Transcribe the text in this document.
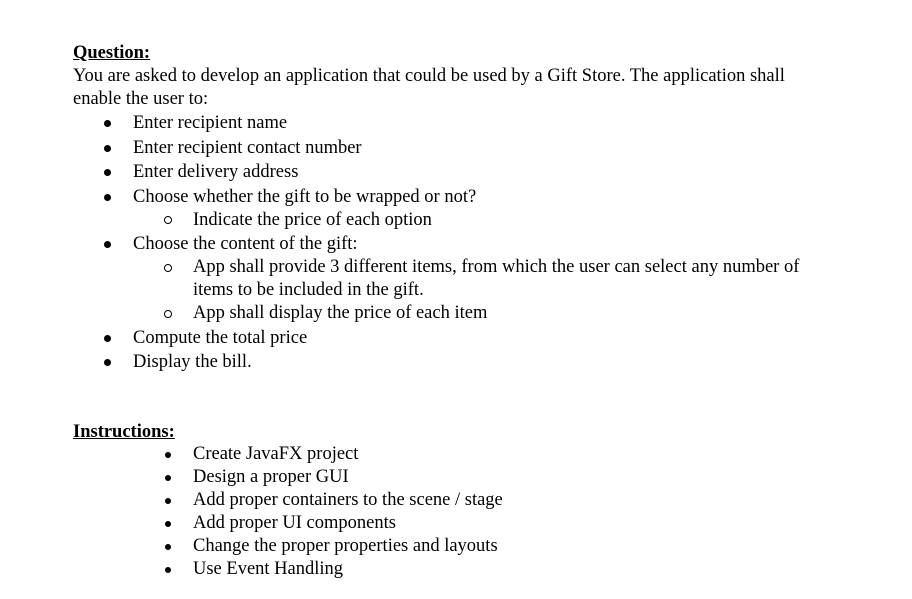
Question:
You are asked to develop an application that could be used by a Gift Store. The application shall
enable the user to:
Enter recipient name
Enter recipient contact number
Enter delivery address
Choose whether the gift to be wrapped or not?
Indicate the price of each option
Choose the content of the gift:
App shall provide 3 different items, from which the user can select any number of
items to be included in the gift.
App shall display the price of each item
Compute the total price
Display the bill.
Instructions:
Create JavaFX project
Design a proper GUI
Add proper containers to the scene / stage
Add proper UI components
Change the proper properties and layouts
Use Event Handling
